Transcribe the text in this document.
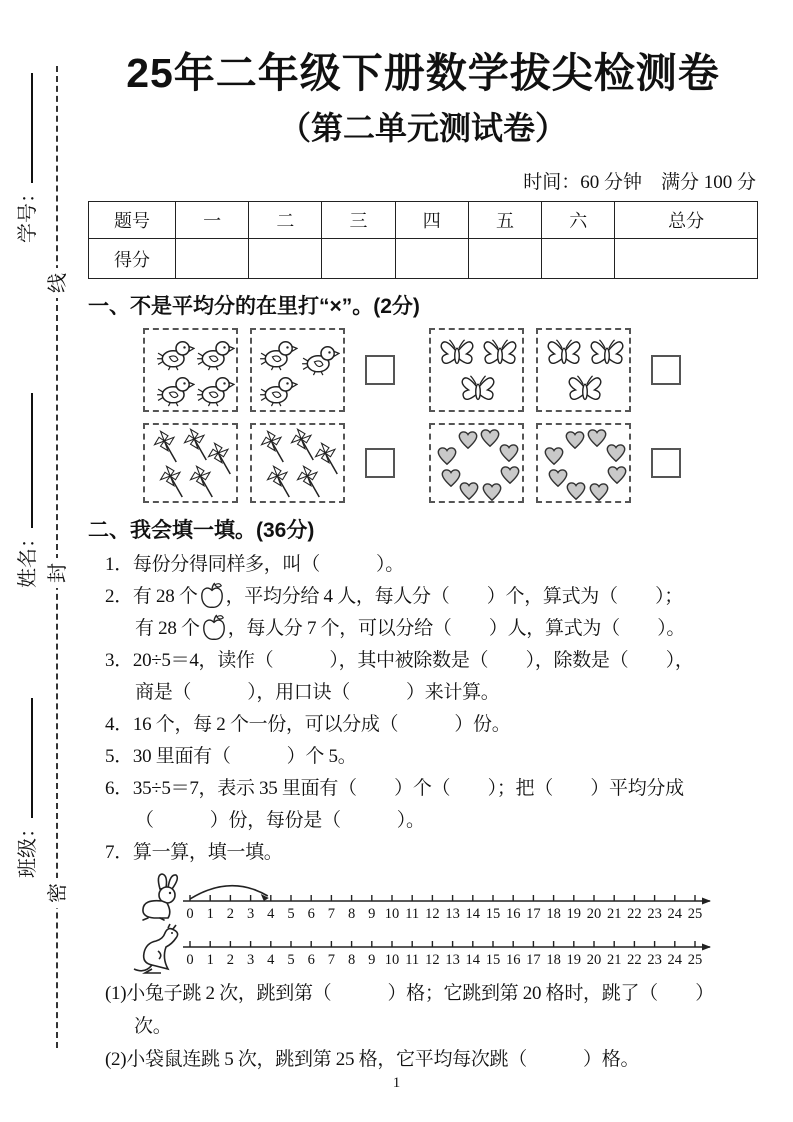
学号：
姓名：
班级：
线
封
密
25年二年级下册数学拔尖检测卷
（第二单元测试卷）
时间：60 分钟　满分 100 分
题号	一	二	三	四	五	六	总分
得分							
一、不是平均分的在里打“×”。(2分)
二、我会填一填。(36分)
1．每份分得同样多，叫（　　　）。
2．有 28 个 ，平均分给 4 人，每人分（　　）个，算式为（　　）；
有 28 个 ，每人分 7 个，可以分给（　　）人，算式为（　　）。
3．20÷5＝4，读作（　　　），其中被除数是（　　），除数是（　　），
商是（　　　），用口诀（　　　）来计算。
4．16 个，每 2 个一份，可以分成（　　　）份。
5．30 里面有（　　　）个 5。
6．35÷5＝7，表示 35 里面有（　　）个（　　）；把（　　）平均分成
（　　　）份，每份是（　　　）。
7．算一算，填一填。
0 1 2 3 4 5 6 7 8 9 10 11 12 13 14 15 16 17 18 19 20 21 22 23 24 25
0 1 2 3 4 5 6 7 8 9 10 11 12 13 14 15 16 17 18 19 20 21 22 23 24 25
(1)小兔子跳 2 次，跳到第（　　　）格；它跳到第 20 格时，跳了（　　）
次。
(2)小袋鼠连跳 5 次，跳到第 25 格，它平均每次跳（　　　）格。
1
